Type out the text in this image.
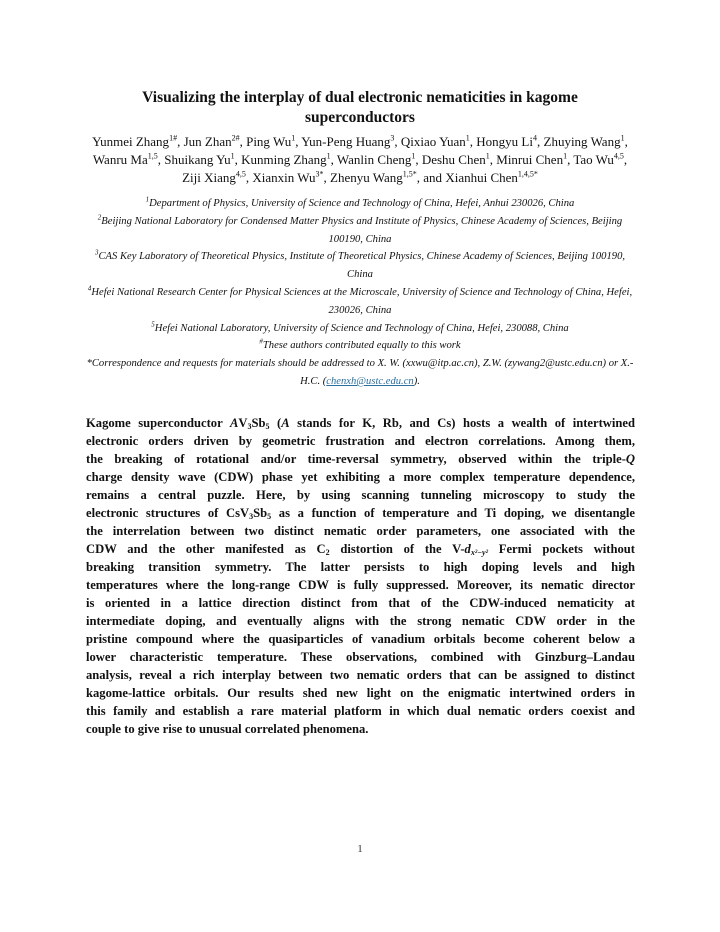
Visualizing the interplay of dual electronic nematicities in kagome
superconductors
Yunmei Zhang$^{1\#}$, Jun Zhan$^{2\#}$, Ping Wu$^1$, Yun-Peng Huang$^3$, Qixiao Yuan$^1$, Hongyu Li$^4$, Zhuying Wang$^1$, Wanru Ma$^{1,5}$, Shuikang Yu$^1$, Kunming Zhang$^1$, Wanlin Cheng$^1$, Deshu Chen$^1$, Minrui Chen$^1$, Tao Wu$^{4,5}$, Ziji Xiang$^{4,5}$, Xianxin $Wu^{3*}$, Zhenyu Wang$^{1,5*}$, and Xianhui Chen$^{1,4,5*}$

$^1$Department of Physics, University of Science and Technology of China, Hefei, Anhui 230026, China

$^2$Beijing National Laboratory for Condensed Matter Physics and Institute of Physics, Chinese Academy of Sciences, Beijing 100190, China

$^3$CAS Key Laboratory of Theoretical Physics, Institute of Theoretical Physics, Chinese Academy of Sciences, Beijing 100190, China

$^4$Hefei National Research Center for Physical Sciences at the Microscale, University of Science and Technology of China, Hefei, 230026, China

$^5$Hefei National Laboratory, University of Science and Technology of China, Hefei, 230088, China

#These authors contributed equally to this work

*Correspondence and requests for materials should be addressed to X. W. (xxwu@itp.ac.cn), Z.W. (zywang2@ustc.edu.cn) or X.-H.C. (chenxh@ustc.edu.cn).

Kagome superconductor $AV_3Sb_5$ (A stands for K, Rb, and Cs) hosts a wealth of intertwined
electronic orders driven by geometric frustration and electron correlations. Among them,
the breaking of rotational and/or time-reversal symmetry, observed within the triple-Q
charge density wave (CDW) phase yet exhibiting a more complex temperature dependence,
remains a central puzzle. Here, by using scanning tunneling microscopy to study the
electronic structures of $CsV_3Sb_5$ as a function of temperature and Ti doping, we disentangle
the interrelation between two distinct nematic order parameters, one associated with the
CDW and the other manifested as $C_2$ distortion of the $V-d_{x^2-y^2}$ Fermi pockets without
breaking transition symmetry. The latter persists to high doping levels and high
temperatures where the long-range CDW is fully suppressed. Moreover, its nematic director
is oriented in a lattice direction distinct from that of the CDW-induced nematicity at
intermediate doping, and eventually aligns with the strong nematic CDW order in the
pristine compound where the quasiparticles of vanadium orbitals become coherent below a
lower characteristic temperature. These observations, combined with Ginzburg–Landau
analysis, reveal a rich interplay between two nematic orders that can be assigned to distinct
kagome-lattice orbitals. Our results shed new light on the enigmatic intertwined orders in
this family and establish a rare material platform in which dual nematic orders coexist and
couple to give rise to unusual correlated phenomena.
1
